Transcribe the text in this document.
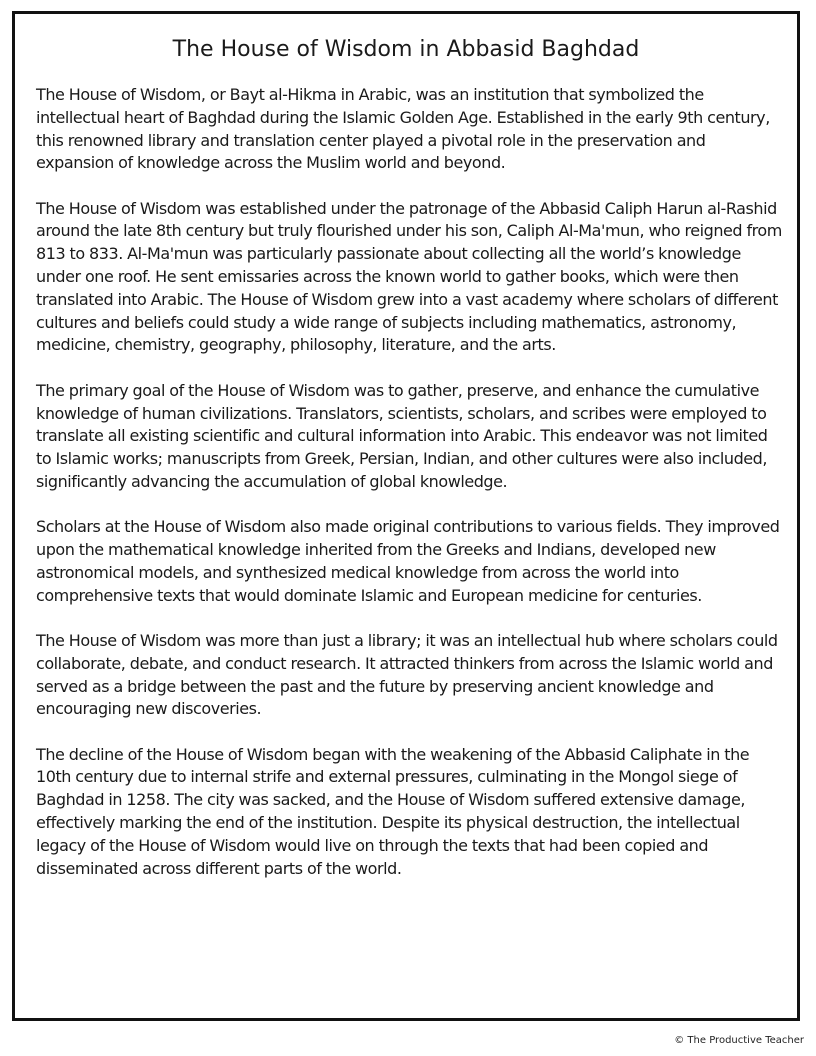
The House of Wisdom in Abbasid Baghdad

The House of Wisdom, or Bayt al-Hikma in Arabic, was an institution that symbolized the intellectual heart of Baghdad during the Islamic Golden Age. Established in the early 9th century, this renowned library and translation center played a pivotal role in the preservation and expansion of knowledge across the Muslim world and beyond.

The House of Wisdom was established under the patronage of the Abbasid Caliph Harun al-Rashid around the late 8th century but truly flourished under his son, Caliph Al-Ma'mun, who reigned from 813 to 833. Al-Ma'mun was particularly passionate about collecting all the world’s knowledge under one roof. He sent emissaries across the known world to gather books, which were then translated into Arabic. The House of Wisdom grew into a vast academy where scholars of different cultures and beliefs could study a wide range of subjects including mathematics, astronomy, medicine, chemistry, geography, philosophy, literature, and the arts.

The primary goal of the House of Wisdom was to gather, preserve, and enhance the cumulative knowledge of human civilizations. Translators, scientists, scholars, and scribes were employed to translate all existing scientific and cultural information into Arabic. This endeavor was not limited to Islamic works; manuscripts from Greek, Persian, Indian, and other cultures were also included, significantly advancing the accumulation of global knowledge.

Scholars at the House of Wisdom also made original contributions to various fields. They improved upon the mathematical knowledge inherited from the Greeks and Indians, developed new astronomical models, and synthesized medical knowledge from across the world into comprehensive texts that would dominate Islamic and European medicine for centuries.

The House of Wisdom was more than just a library; it was an intellectual hub where scholars could collaborate, debate, and conduct research. It attracted thinkers from across the Islamic world and served as a bridge between the past and the future by preserving ancient knowledge and encouraging new discoveries.

The decline of the House of Wisdom began with the weakening of the Abbasid Caliphate in the 10th century due to internal strife and external pressures, culminating in the Mongol siege of Baghdad in 1258. The city was sacked, and the House of Wisdom suffered extensive damage, effectively marking the end of the institution. Despite its physical destruction, the intellectual legacy of the House of Wisdom would live on through the texts that had been copied and disseminated across different parts of the world.

© The Productive Teacher
